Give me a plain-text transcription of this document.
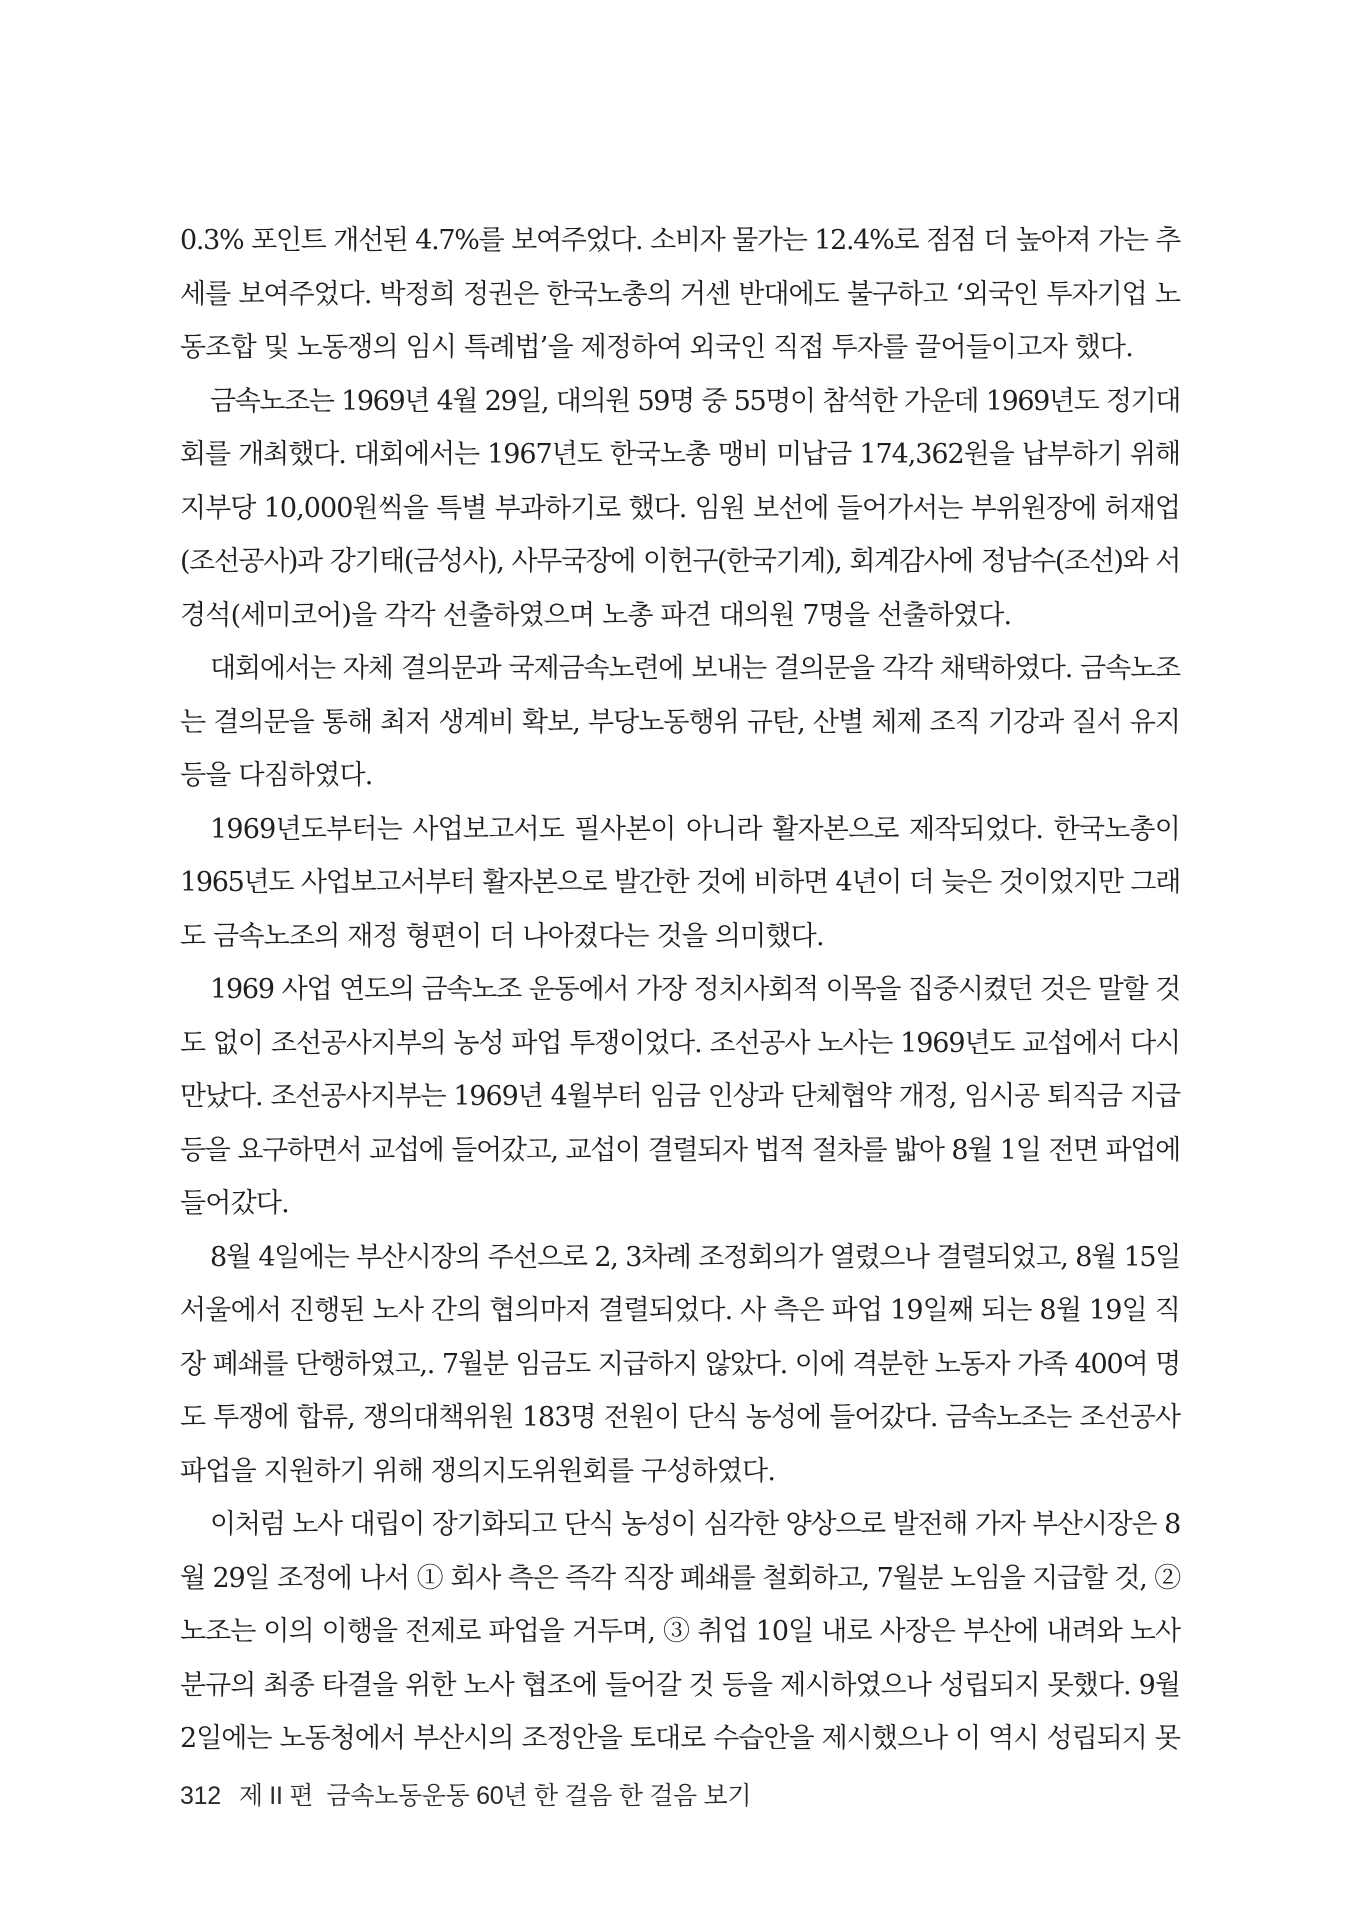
0.3% 포인트 개선된 4.7%를 보여주었다. 소비자 물가는 12.4%로 점점 더 높아져 가는 추
세를 보여주었다. 박정희 정권은 한국노총의 거센 반대에도 불구하고 ‘외국인 투자기업 노
동조합 및 노동쟁의 임시 특례법’을 제정하여 외국인 직접 투자를 끌어들이고자 했다.
금속노조는 1969년 4월 29일, 대의원 59명 중 55명이 참석한 가운데 1969년도 정기대
회를 개최했다. 대회에서는 1967년도 한국노총 맹비 미납금 174,362원을 납부하기 위해
지부당 10,000원씩을 특별 부과하기로 했다. 임원 보선에 들어가서는 부위원장에 허재업
(조선공사)과 강기태(금성사), 사무국장에 이헌구(한국기계), 회계감사에 정남수(조선)와 서
경석(세미코어)을 각각 선출하였으며 노총 파견 대의원 7명을 선출하였다.
대회에서는 자체 결의문과 국제금속노련에 보내는 결의문을 각각 채택하였다. 금속노조
는 결의문을 통해 최저 생계비 확보, 부당노동행위 규탄, 산별 체제 조직 기강과 질서 유지
등을 다짐하였다.
1969년도부터는 사업보고서도 필사본이 아니라 활자본으로 제작되었다. 한국노총이
1965년도 사업보고서부터 활자본으로 발간한 것에 비하면 4년이 더 늦은 것이었지만 그래
도 금속노조의 재정 형편이 더 나아졌다는 것을 의미했다.
1969 사업 연도의 금속노조 운동에서 가장 정치사회적 이목을 집중시켰던 것은 말할 것
도 없이 조선공사지부의 농성 파업 투쟁이었다. 조선공사 노사는 1969년도 교섭에서 다시
만났다. 조선공사지부는 1969년 4월부터 임금 인상과 단체협약 개정, 임시공 퇴직금 지급
등을 요구하면서 교섭에 들어갔고, 교섭이 결렬되자 법적 절차를 밟아 8월 1일 전면 파업에
들어갔다.
8월 4일에는 부산시장의 주선으로 2, 3차례 조정회의가 열렸으나 결렬되었고, 8월 15일
서울에서 진행된 노사 간의 협의마저 결렬되었다. 사 측은 파업 19일째 되는 8월 19일 직
장 폐쇄를 단행하였고,. 7월분 임금도 지급하지 않았다. 이에 격분한 노동자 가족 400여 명
도 투쟁에 합류, 쟁의대책위원 183명 전원이 단식 농성에 들어갔다. 금속노조는 조선공사
파업을 지원하기 위해 쟁의지도위원회를 구성하였다.
이처럼 노사 대립이 장기화되고 단식 농성이 심각한 양상으로 발전해 가자 부산시장은 8
월 29일 조정에 나서 ① 회사 측은 즉각 직장 폐쇄를 철회하고, 7월분 노임을 지급할 것, ②
노조는 이의 이행을 전제로 파업을 거두며, ③ 취업 10일 내로 사장은 부산에 내려와 노사
분규의 최종 타결을 위한 노사 협조에 들어갈 것 등을 제시하였으나 성립되지 못했다. 9월
2일에는 노동청에서 부산시의 조정안을 토대로 수습안을 제시했으나 이 역시 성립되지 못
312 제 II 편 금속노동운동 60년 한 걸음 한 걸음 보기
